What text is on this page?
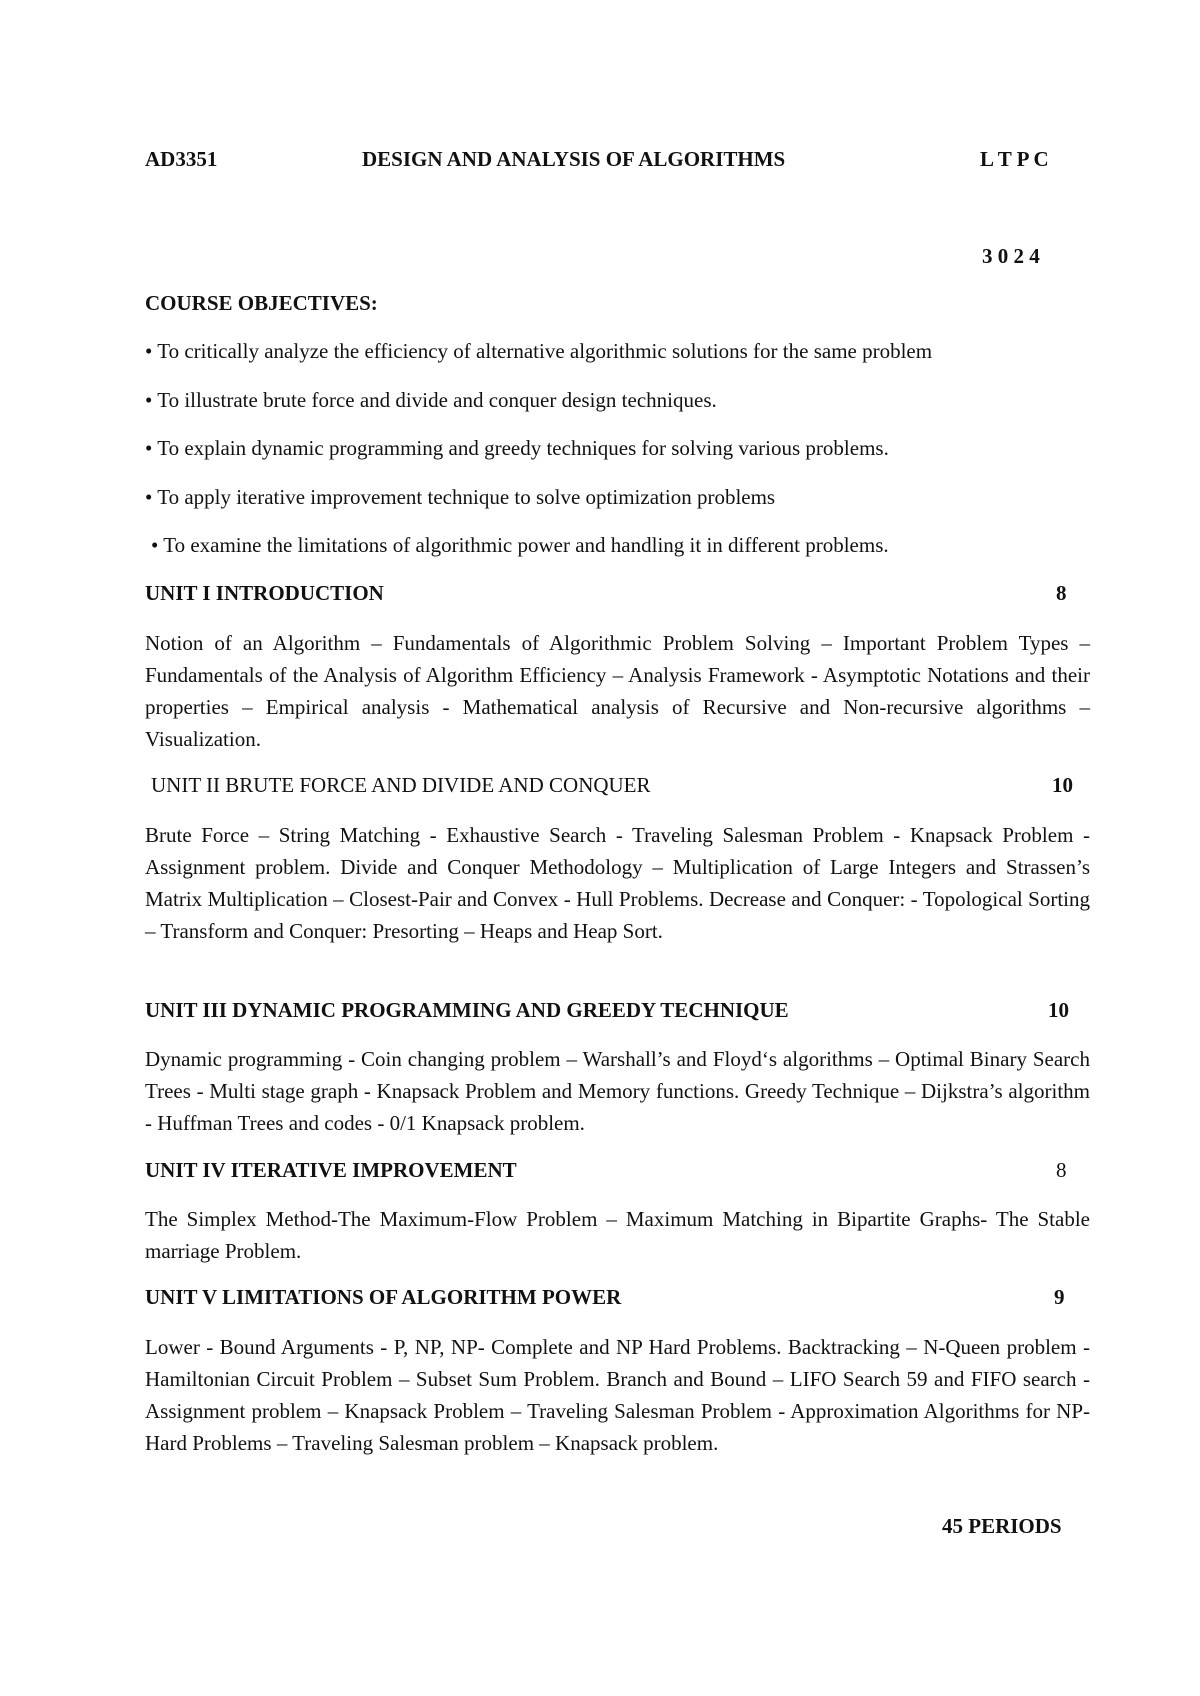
AD3351	DESIGN AND ANALYSIS OF ALGORITHMS	L T P C
3 0 2 4
COURSE OBJECTIVES:
• To critically analyze the efficiency of alternative algorithmic solutions for the same problem
• To illustrate brute force and divide and conquer design techniques.
• To explain dynamic programming and greedy techniques for solving various problems.
• To apply iterative improvement technique to solve optimization problems
• To examine the limitations of algorithmic power and handling it in different problems.
UNIT I INTRODUCTION	8
Notion of an Algorithm – Fundamentals of Algorithmic Problem Solving – Important Problem Types –Fundamentals of the Analysis of Algorithm Efficiency – Analysis Framework - Asymptotic Notations and their properties – Empirical analysis - Mathematical analysis of Recursive and Non-recursive algorithms – Visualization.
UNIT II BRUTE FORCE AND DIVIDE AND CONQUER	10
Brute Force – String Matching - Exhaustive Search - Traveling Salesman Problem - Knapsack Problem - Assignment problem. Divide and Conquer Methodology – Multiplication of Large Integers and Strassen’s Matrix Multiplication – Closest-Pair and Convex - Hull Problems. Decrease and Conquer: - Topological Sorting – Transform and Conquer: Presorting – Heaps and Heap Sort.
UNIT III DYNAMIC PROGRAMMING AND GREEDY TECHNIQUE	10
Dynamic programming - Coin changing problem – Warshall’s and Floyd‘s algorithms – Optimal Binary Search Trees - Multi stage graph - Knapsack Problem and Memory functions. Greedy Technique – Dijkstra’s algorithm - Huffman Trees and codes - 0/1 Knapsack problem.
UNIT IV ITERATIVE IMPROVEMENT	8
The Simplex Method-The Maximum-Flow Problem – Maximum Matching in Bipartite Graphs- The Stable marriage Problem.
UNIT V LIMITATIONS OF ALGORITHM POWER	9
Lower - Bound Arguments - P, NP, NP- Complete and NP Hard Problems. Backtracking – N-Queen problem - Hamiltonian Circuit Problem – Subset Sum Problem. Branch and Bound – LIFO Search 59 and FIFO search - Assignment problem – Knapsack Problem – Traveling Salesman Problem - Approximation Algorithms for NP-Hard Problems – Traveling Salesman problem – Knapsack problem.
45 PERIODS
